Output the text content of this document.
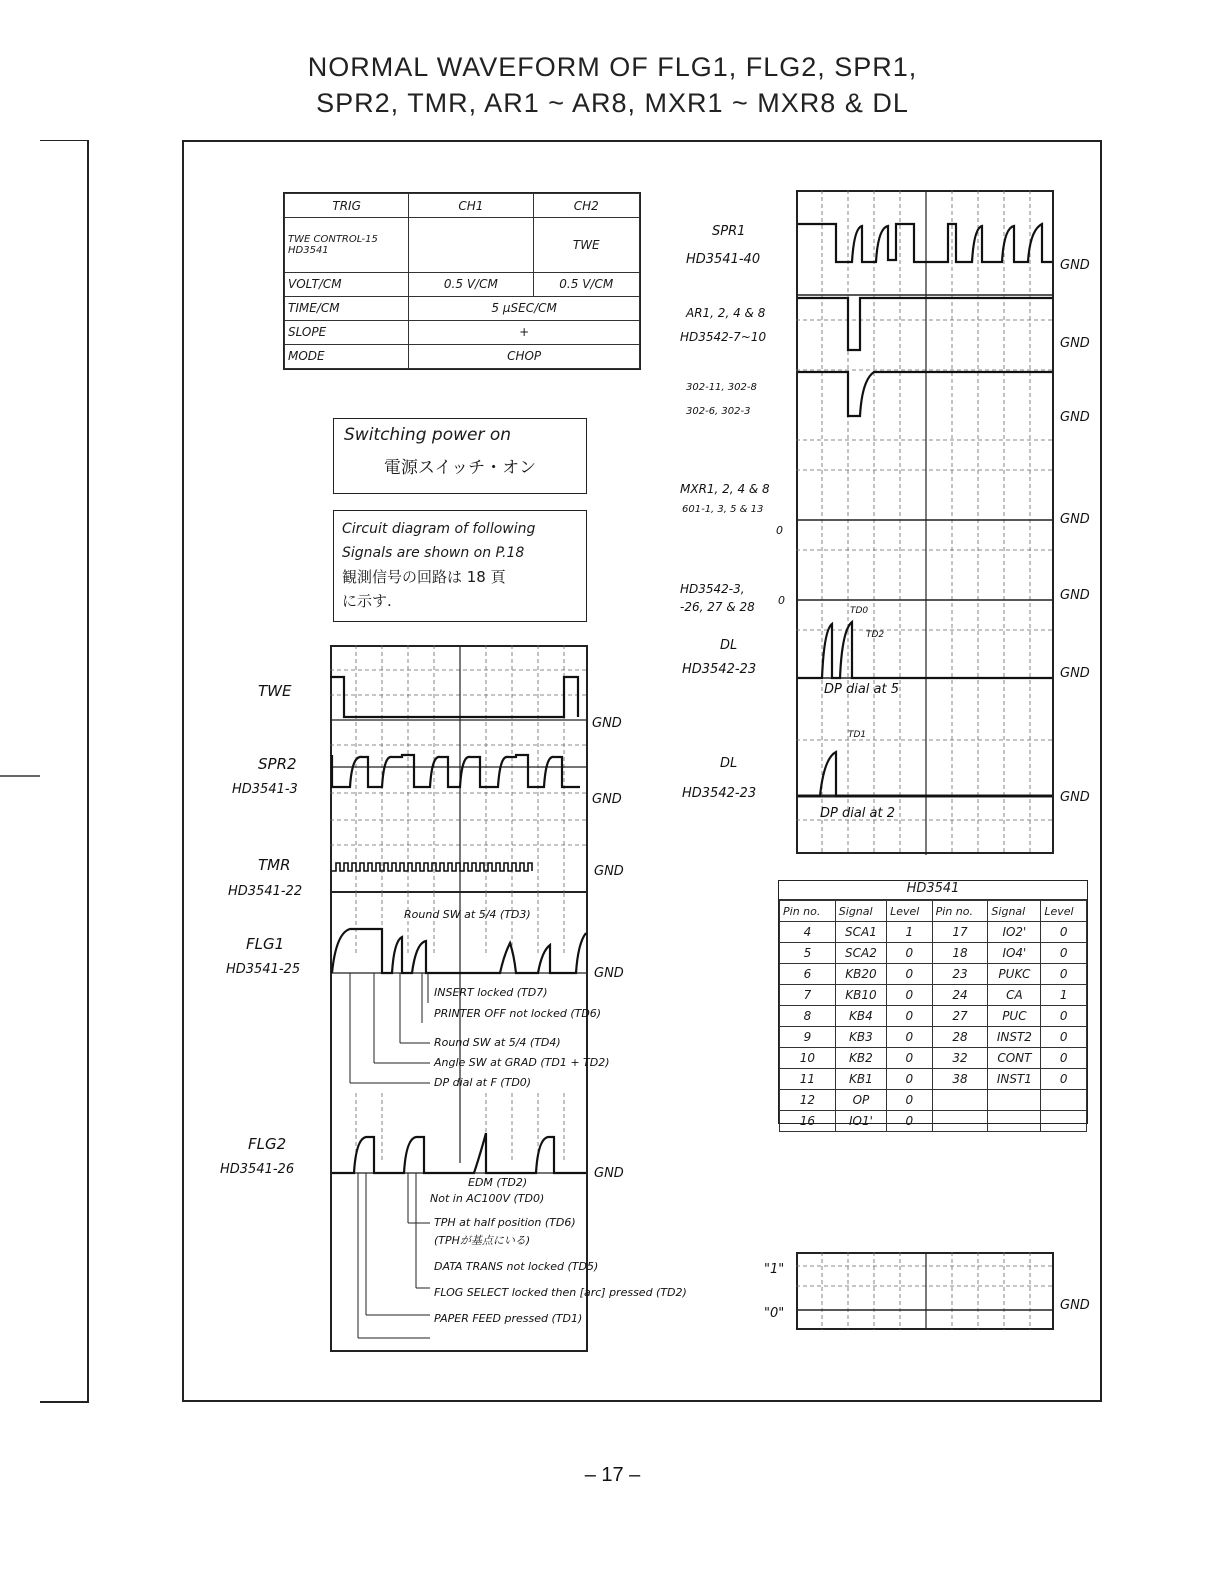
NORMAL WAVEFORM OF FLG1, FLG2, SPR1,
SPR2, TMR, AR1 ~ AR8, MXR1 ~ MXR8 & DL
TRIG	CH1	CH2
TWE CONTROL-15 HD3541		TWE
VOLT/CM	0.5 V/CM	0.5 V/CM
TIME/CM	5 μSEC/CM	
SLOPE	+	
MODE	CHOP	
Switching power on
電源スイッチ・オン
Circuit diagram of following
Signals are shown on P.18
観測信号の回路は 18 頁
に示す.
TWE
GND
SPR2
HD3541-3
GND
TMR
HD3541-22
GND
FLG1
HD3541-25	GND
FLG2
HD3541-26	GND
Round SW at 5/4 (TD3)
INSERT locked (TD7)
PRINTER OFF not locked (TD6)
Round SW at 5/4 (TD4)
Angle SW at GRAD (TD1 + TD2)
DP dial at F (TD0)
EDM (TD2)
Not in AC100V (TD0)
TPH at half position (TD6)
(TPHが基点にいる)
DATA TRANS not locked (TD5)
FLOG SELECT locked then [arc] pressed (TD2)
PAPER FEED pressed (TD1)
SPR1
HD3541-40	GND
AR1, 2, 4 & 8
HD3542-7~10	GND
302-11, 302-8
302-6, 302-3	GND
MXR1, 2, 4 & 8
601-1, 3, 5 & 13
0
GND
HD3542-3,
-26, 27 & 28 0	GND
DL
HD3542-23	GND
DP dial at 5
TD0
TD2
DL
HD3542-23	GND
DP dial at 2
TD1
HD3541
Pin no.	Signal	Level	Pin no.	Signal	Level
4	SCA1	1	17	IO2'	0
5	SCA2	0	18	IO4'	0
6	KB20	0	23	PUKC	0
7	KB10	0	24	CA	1
8	KB4	0	27	PUC	0
9	KB3	0	28	INST2	0
10	KB2	0	32	CONT	0
11	KB1	0	38	INST1	0
12	OP	0			
16	IO1'	0			
"1"
"0"
GND
– 17 –
